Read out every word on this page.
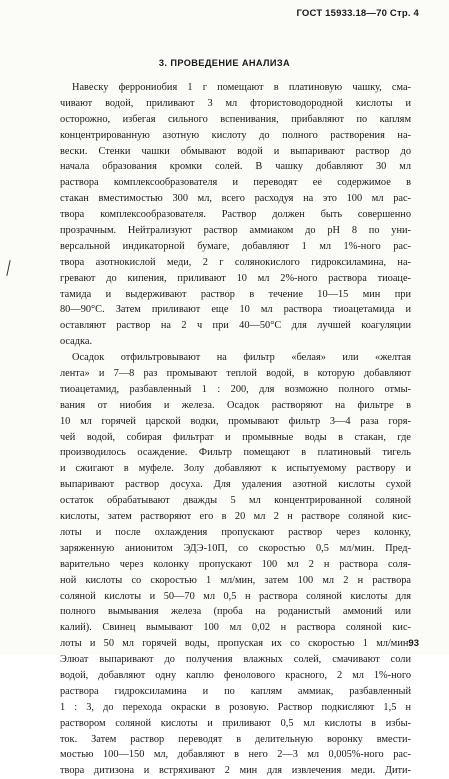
ГОСТ 15933.18—70 Стр. 4
3. ПРОВЕДЕНИЕ АНАЛИЗА
Навеску феррониобия 1 г помещают в платиновую чашку, сма-
чивают водой, приливают 3 мл фтористоводородной кислоты и
осторожно, избегая сильного вспенивания, прибавляют по каплям
концентрированную азотную кислоту до полного растворения на-
вески. Стенки чашки обмывают водой и выпаривают раствор до
начала образования кромки солей. В чашку добавляют 30 мл
раствора комплексообразователя и переводят ее содержимое в
стакан вместимостью 300 мл, всего расходуя на это 100 мл рас-
твора комплексообразователя. Раствор должен быть совершенно
прозрачным. Нейтрализуют раствор аммиаком до pH 8 по уни-
версальной индикаторной бумаге, добавляют 1 мл 1%-ного рас-
твора азотнокислой меди, 2 г солянокислого гидроксиламина, на-
гревают до кипения, приливают 10 мл 2%-ного раствора тиоаце-
тамида и выдерживают раствор в течение 10—15 мин при
80—90°С. Затем приливают еще 10 мл раствора тиоацетамида и
оставляют раствор на 2 ч при 40—50°С для лучшей коагуляции
осадка.
Осадок отфильтровывают на фильтр «белая» или «желтая
лента» и 7—8 раз промывают теплой водой, в которую добавляют
тиоацетамид, разбавленный 1 : 200, для возможно полного отмы-
вания от ниобия и железа. Осадок растворяют на фильтре в
10 мл горячей царской водки, промывают фильтр 3—4 раза горя-
чей водой, собирая фильтрат и промывные воды в стакан, где
производилось осаждение. Фильтр помещают в платиновый тигель
и сжигают в муфеле. Золу добавляют к испытуемому раствору и
выпаривают раствор досуха. Для удаления азотной кислоты сухой
остаток обрабатывают дважды 5 мл концентрированной соляной
кислоты, затем растворяют его в 20 мл 2 н растворе соляной кис-
лоты и после охлаждения пропускают раствор через колонку,
заряженную анионитом ЭДЭ-10П, со скоростью 0,5 мл/мин. Пред-
варительно через колонку пропускают 100 мл 2 н раствора соля-
ной кислоты со скоростью 1 мл/мин, затем 100 мл 2 н раствора
соляной кислоты и 50—70 мл 0,5 н раствора соляной кислоты для
полного вымывания железа (проба на роданистый аммоний или
калий). Свинец вымывают 100 мл 0,02 н раствора соляной кис-
лоты и 50 мл горячей воды, пропуская их со скоростью 1 мл/мин.
Элюат выпаривают до получения влажных солей, смачивают соли
водой, добавляют одну каплю фенолового красного, 2 мл 1%-ного
раствора гидроксиламина и по каплям аммиак, разбавленный
1 : 3, до перехода окраски в розовую. Раствор подкисляют 1,5 н
раствором соляной кислоты и приливают 0,5 мл кислоты в избы-
ток. Затем раствор переводят в делительную воронку вмести-
мостью 100—150 мл, добавляют в него 2—3 мл 0,005%-ного рас-
твора дитизона и встряхивают 2 мин для извлечения меди. Дити-
93
